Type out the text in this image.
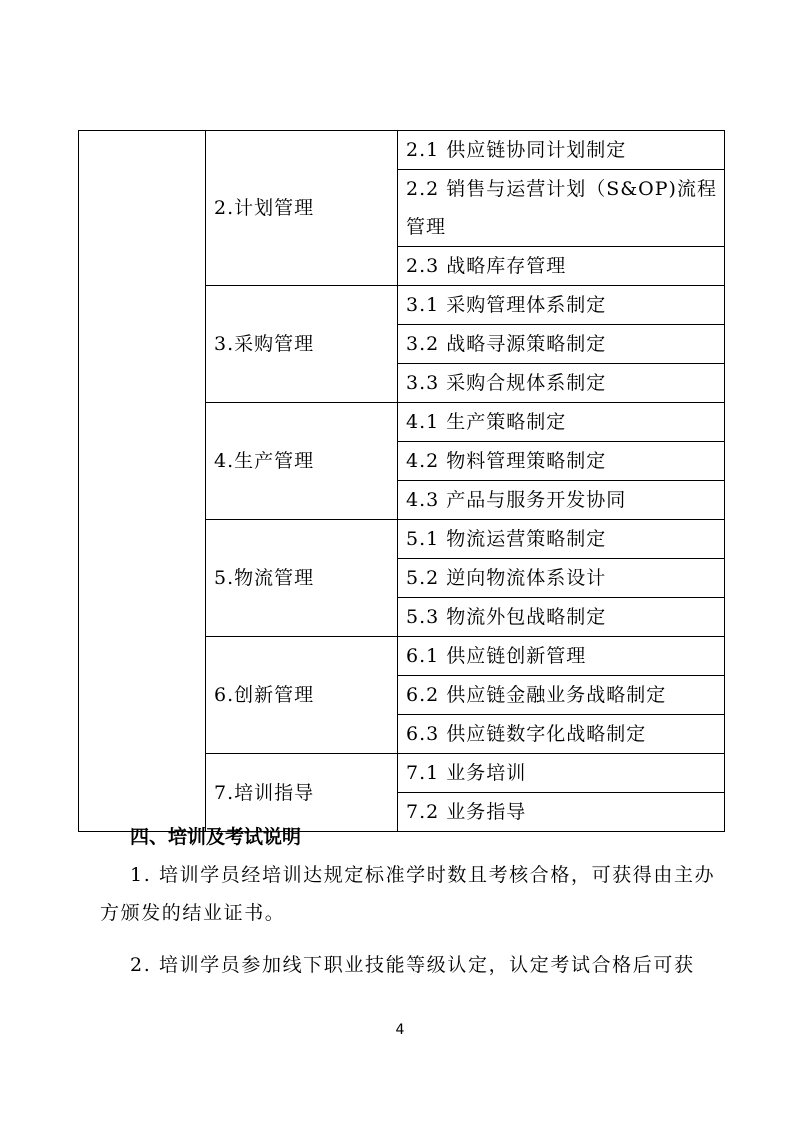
	2.计划管理	2.1 供应链协同计划制定
		2.2 销售与运营计划（S&OP)流程管理
		2.3 战略库存管理
	3.采购管理	3.1 采购管理体系制定
		3.2 战略寻源策略制定
		3.3 采购合规体系制定
	4.生产管理	4.1 生产策略制定
		4.2 物料管理策略制定
		4.3 产品与服务开发协同
	5.物流管理	5.1 物流运营策略制定
		5.2 逆向物流体系设计
		5.3 物流外包战略制定
	6.创新管理	6.1 供应链创新管理
		6.2 供应链金融业务战略制定
		6.3 供应链数字化战略制定
	7.培训指导	7.1 业务培训
		7.2 业务指导
四、培训及考试说明
1. 培训学员经培训达规定标准学时数且考核合格，可获得由主办方颁发的结业证书。
2. 培训学员参加线下职业技能等级认定，认定考试合格后可获
4
